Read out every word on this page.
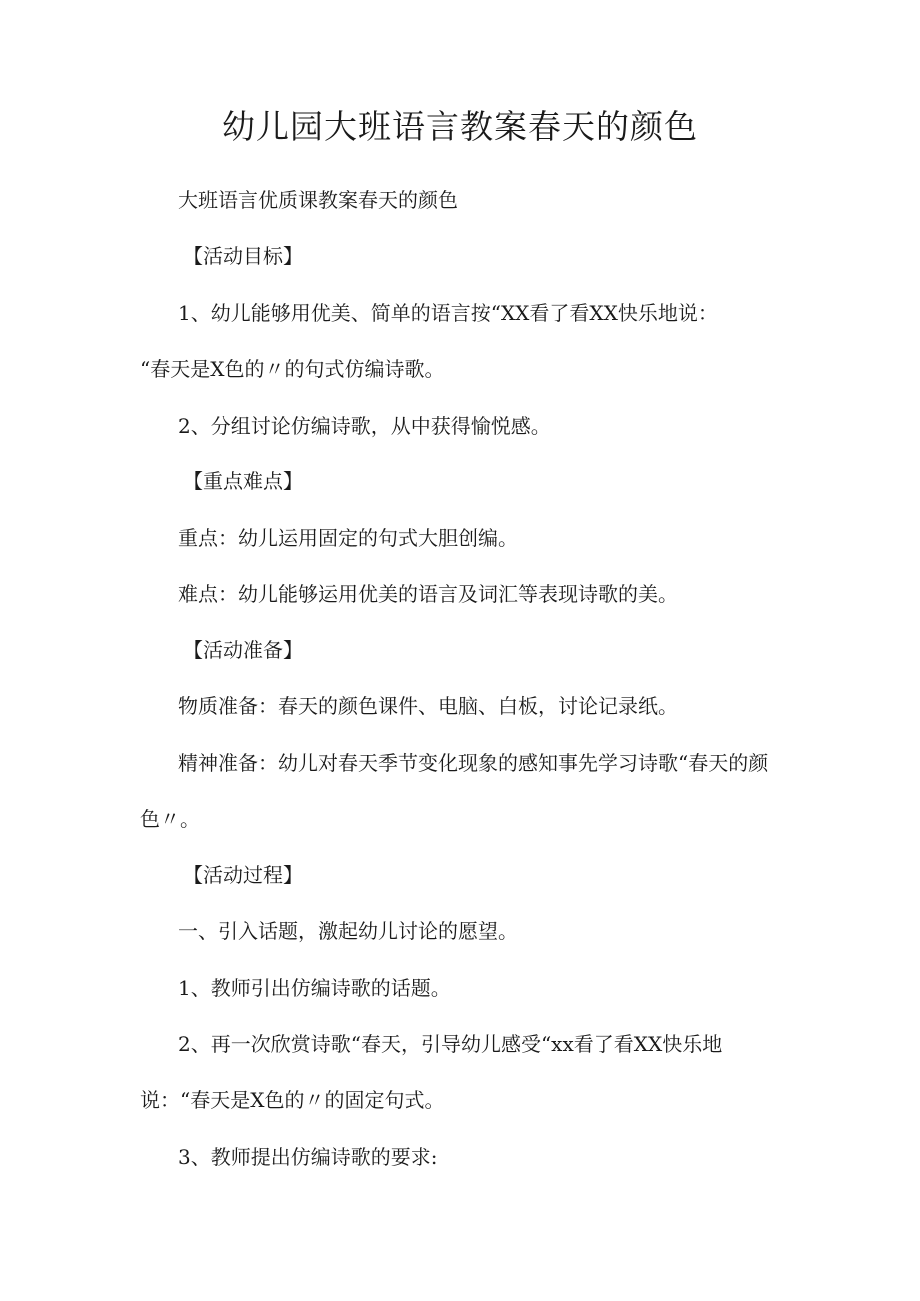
幼儿园大班语言教案春天的颜色
大班语言优质课教案春天的颜色
【活动目标】
1、幼儿能够用优美、简单的语言按“XX看了看XX快乐地说：
“春天是X色的〃的句式仿编诗歌。
2、分组讨论仿编诗歌，从中获得愉悦感。
【重点难点】
重点：幼儿运用固定的句式大胆创编。
难点：幼儿能够运用优美的语言及词汇等表现诗歌的美。
【活动准备】
物质准备：春天的颜色课件、电脑、白板，讨论记录纸。
精神准备：幼儿对春天季节变化现象的感知事先学习诗歌“春天的颜
色〃。
【活动过程】
一、引入话题，激起幼儿讨论的愿望。
1、教师引出仿编诗歌的话题。
2、再一次欣赏诗歌“春天，引导幼儿感受“xx看了看XX快乐地
说：“春天是X色的〃的固定句式。
3、教师提出仿编诗歌的要求:
